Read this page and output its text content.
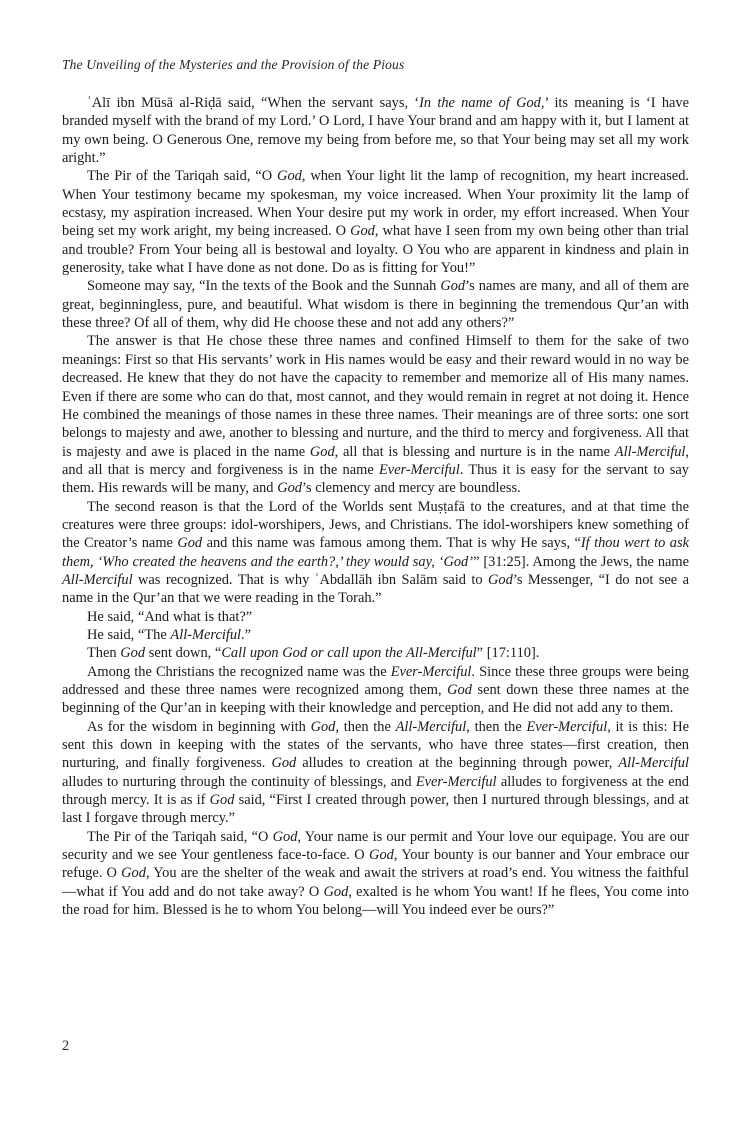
The Unveiling of the Mysteries and the Provision of the Pious

ʿAlī ibn Mūsā al-Riḍā said, “When the servant says, ‘In the name of God,’ its meaning is ‘I have branded myself with the brand of my Lord.’ O Lord, I have Your brand and am happy with it, but I lament at my own being. O Generous One, remove my being from before me, so that Your being may set all my work aright.”

The Pir of the Tariqah said, “O God, when Your light lit the lamp of recognition, my heart increased. When Your testimony became my spokesman, my voice increased. When Your proximity lit the lamp of ecstasy, my aspiration increased. When Your desire put my work in order, my effort increased. When Your being set my work aright, my being increased. O God, what have I seen from my own being other than trial and trouble? From Your being all is bestowal and loyalty. O You who are apparent in kindness and plain in generosity, take what I have done as not done. Do as is fitting for You!”

Someone may say, “In the texts of the Book and the Sunnah God’s names are many, and all of them are great, beginningless, pure, and beautiful. What wisdom is there in beginning the tremendous Qur’an with these three? Of all of them, why did He choose these and not add any others?”

The answer is that He chose these three names and confined Himself to them for the sake of two meanings: First so that His servants’ work in His names would be easy and their reward would in no way be decreased. He knew that they do not have the capacity to remember and memorize all of His many names. Even if there are some who can do that, most cannot, and they would remain in regret at not doing it. Hence He combined the meanings of those names in these three names. Their meanings are of three sorts: one sort belongs to majesty and awe, another to blessing and nurture, and the third to mercy and forgiveness. All that is majesty and awe is placed in the name God, all that is blessing and nurture is in the name All-Merciful, and all that is mercy and forgiveness is in the name Ever-Merciful. Thus it is easy for the servant to say them. His rewards will be many, and God’s clemency and mercy are boundless.

The second reason is that the Lord of the Worlds sent Muṣṭafā to the creatures, and at that time the creatures were three groups: idol-worshipers, Jews, and Christians. The idol-worshipers knew something of the Creator’s name God and this name was famous among them. That is why He says, “If thou wert to ask them, ‘Who created the heavens and the earth?,’ they would say, ‘God’” [31:25]. Among the Jews, the name All-Merciful was recognized. That is why ʿAbdallāh ibn Salām said to God’s Messenger, “I do not see a name in the Qur’an that we were reading in the Torah.”

He said, “And what is that?”

He said, “The All-Merciful.”

Then God sent down, “Call upon God or call upon the All-Merciful” [17:110].

Among the Christians the recognized name was the Ever-Merciful. Since these three groups were being addressed and these three names were recognized among them, God sent down these three names at the beginning of the Qur’an in keeping with their knowledge and perception, and He did not add any to them.

As for the wisdom in beginning with God, then the All-Merciful, then the Ever-Merciful, it is this: He sent this down in keeping with the states of the servants, who have three states—first creation, then nurturing, and finally forgiveness. God alludes to creation at the beginning through power, All-Merciful alludes to nurturing through the continuity of blessings, and Ever-Merciful alludes to forgiveness at the end through mercy. It is as if God said, “First I created through power, then I nurtured through blessings, and at last I forgave through mercy.”

The Pir of the Tariqah said, “O God, Your name is our permit and Your love our equipage. You are our security and we see Your gentleness face-to-face. O God, Your bounty is our banner and Your embrace our refuge. O God, You are the shelter of the weak and await the strivers at road’s end. You witness the faithful—what if You add and do not take away? O God, exalted is he whom You want! If he flees, You come into the road for him. Blessed is he to whom You belong—will You indeed ever be ours?”

2
